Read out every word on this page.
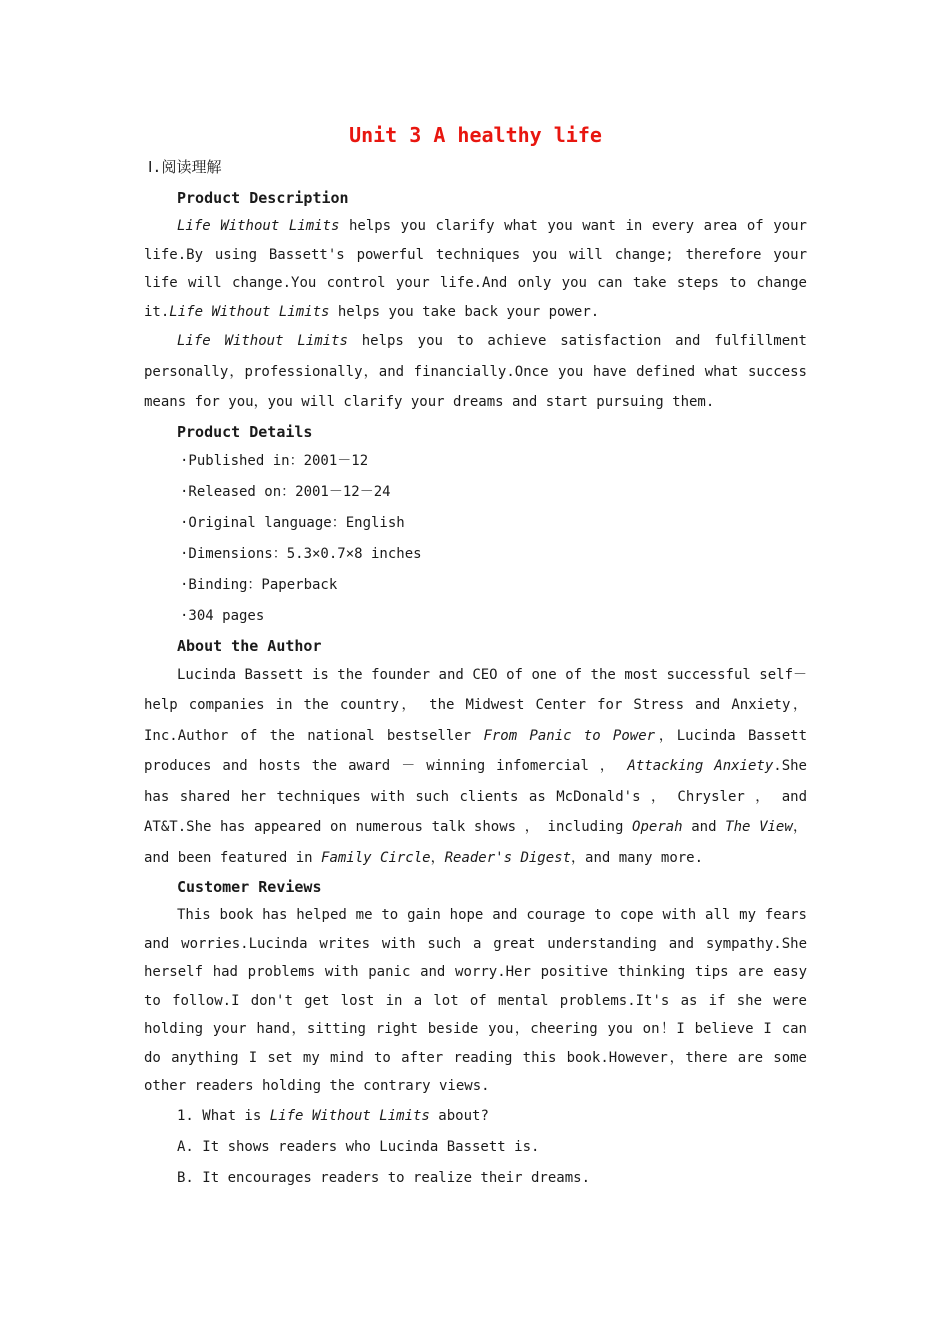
Unit 3 A healthy life
Ⅰ.阅读理解
Product Description

Life Without Limits helps you clarify what you want in every area of your life.By using Bassett's powerful techniques you will change; therefore your life will change.You control your life.And only you can take steps to change it.Life Without Limits helps you take back your power.

Life Without Limits helps you to achieve satisfaction and fulfillment personally，professionally，and financially.Once you have defined what success means for you，you will clarify your dreams and start pursuing them.

Product Details
·Published in：2001－12
·Released on：2001－12－24
·Original language：English
·Dimensions：5.3×0.7×8 inches
·Binding：Paperback
·304 pages
About the Author

Lucinda Bassett is the founder and CEO of one of the most successful self－help companies in the country， the Midwest Center for Stress and Anxiety，Inc.Author of the national bestseller From Panic to Power，Lucinda Bassett produces and hosts the award － winning infomercial ， Attacking Anxiety.She has shared her techniques with such clients as McDonald's ， Chrysler ， and AT&T.She has appeared on numerous talk shows ， including Operah and The View， and been featured in Family Circle，Reader's Digest，and many more.

Customer Reviews

This book has helped me to gain hope and courage to cope with all my fears and worries.Lucinda writes with such a great understanding and sympathy.She herself had problems with panic and worry.Her positive thinking tips are easy to follow.I don't get lost in a lot of mental problems.It's as if she were holding your hand，sitting right beside you，cheering you on！I believe I can do anything I set my mind to after reading this book.However，there are some other readers holding the contrary views.

1. What is Life Without Limits about?
A. It shows readers who Lucinda Bassett is.
B. It encourages readers to realize their dreams.
